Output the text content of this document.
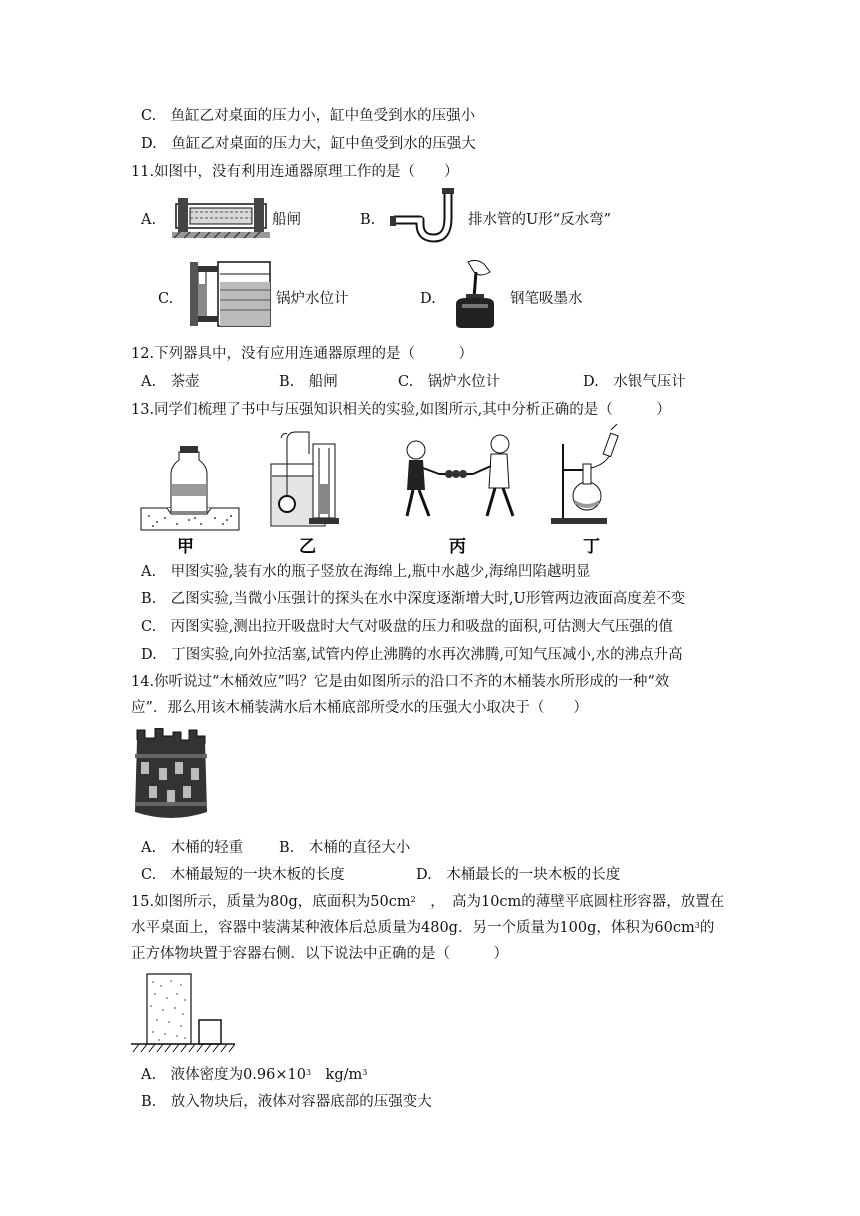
C.　鱼缸乙对桌面的压力小，缸中鱼受到水的压强小
D.　鱼缸乙对桌面的压力大，缸中鱼受到水的压强大
11.如图中，没有利用连通器原理工作的是（　　）
A.	船闸	B.	排水管的U形“反水弯”
C.	锅炉水位计	D.	钢笔吸墨水
12.下列器具中，没有应用连通器原理的是（　　　）
A.　茶壶	B.　船闸	C.　锅炉水位计	D.　水银气压计
13.同学们梳理了书中与压强知识相关的实验,如图所示,其中分析正确的是（　　　）
甲	乙	丙	丁
A.　甲图实验,装有水的瓶子竖放在海绵上,瓶中水越少,海绵凹陷越明显
B.　乙图实验,当微小压强计的探头在水中深度逐渐增大时,U形管两边液面高度差不变
C.　丙图实验,测出拉开吸盘时大气对吸盘的压力和吸盘的面积,可估测大气压强的值
D.　丁图实验,向外拉活塞,试管内停止沸腾的水再次沸腾,可知气压减小,水的沸点升高
14.你听说过“木桶效应”吗？它是由如图所示的沿口不齐的木桶装水所形成的一种“效
应”．那么用该木桶装满水后木桶底部所受水的压强大小取决于（　　）
A.　木桶的轻重 B.　木桶的直径大小
C.　木桶最短的一块木板的长度	D.　木桶最长的一块木板的长度
15.如图所示，质量为80g，底面积为$50cm^2$　，　高为10cm的薄壁平底圆柱形容器，放置在
水平桌面上，容器中装满某种液体后总质量为480g．另一个质量为100g，体积为$60cm^3$的
正方体物块置于容器右侧．以下说法中正确的是（　　　）
A.　液体密度为$0.96\times 10^3$　$kg/m^3$
B.　放入物块后，液体对容器底部的压强变大
